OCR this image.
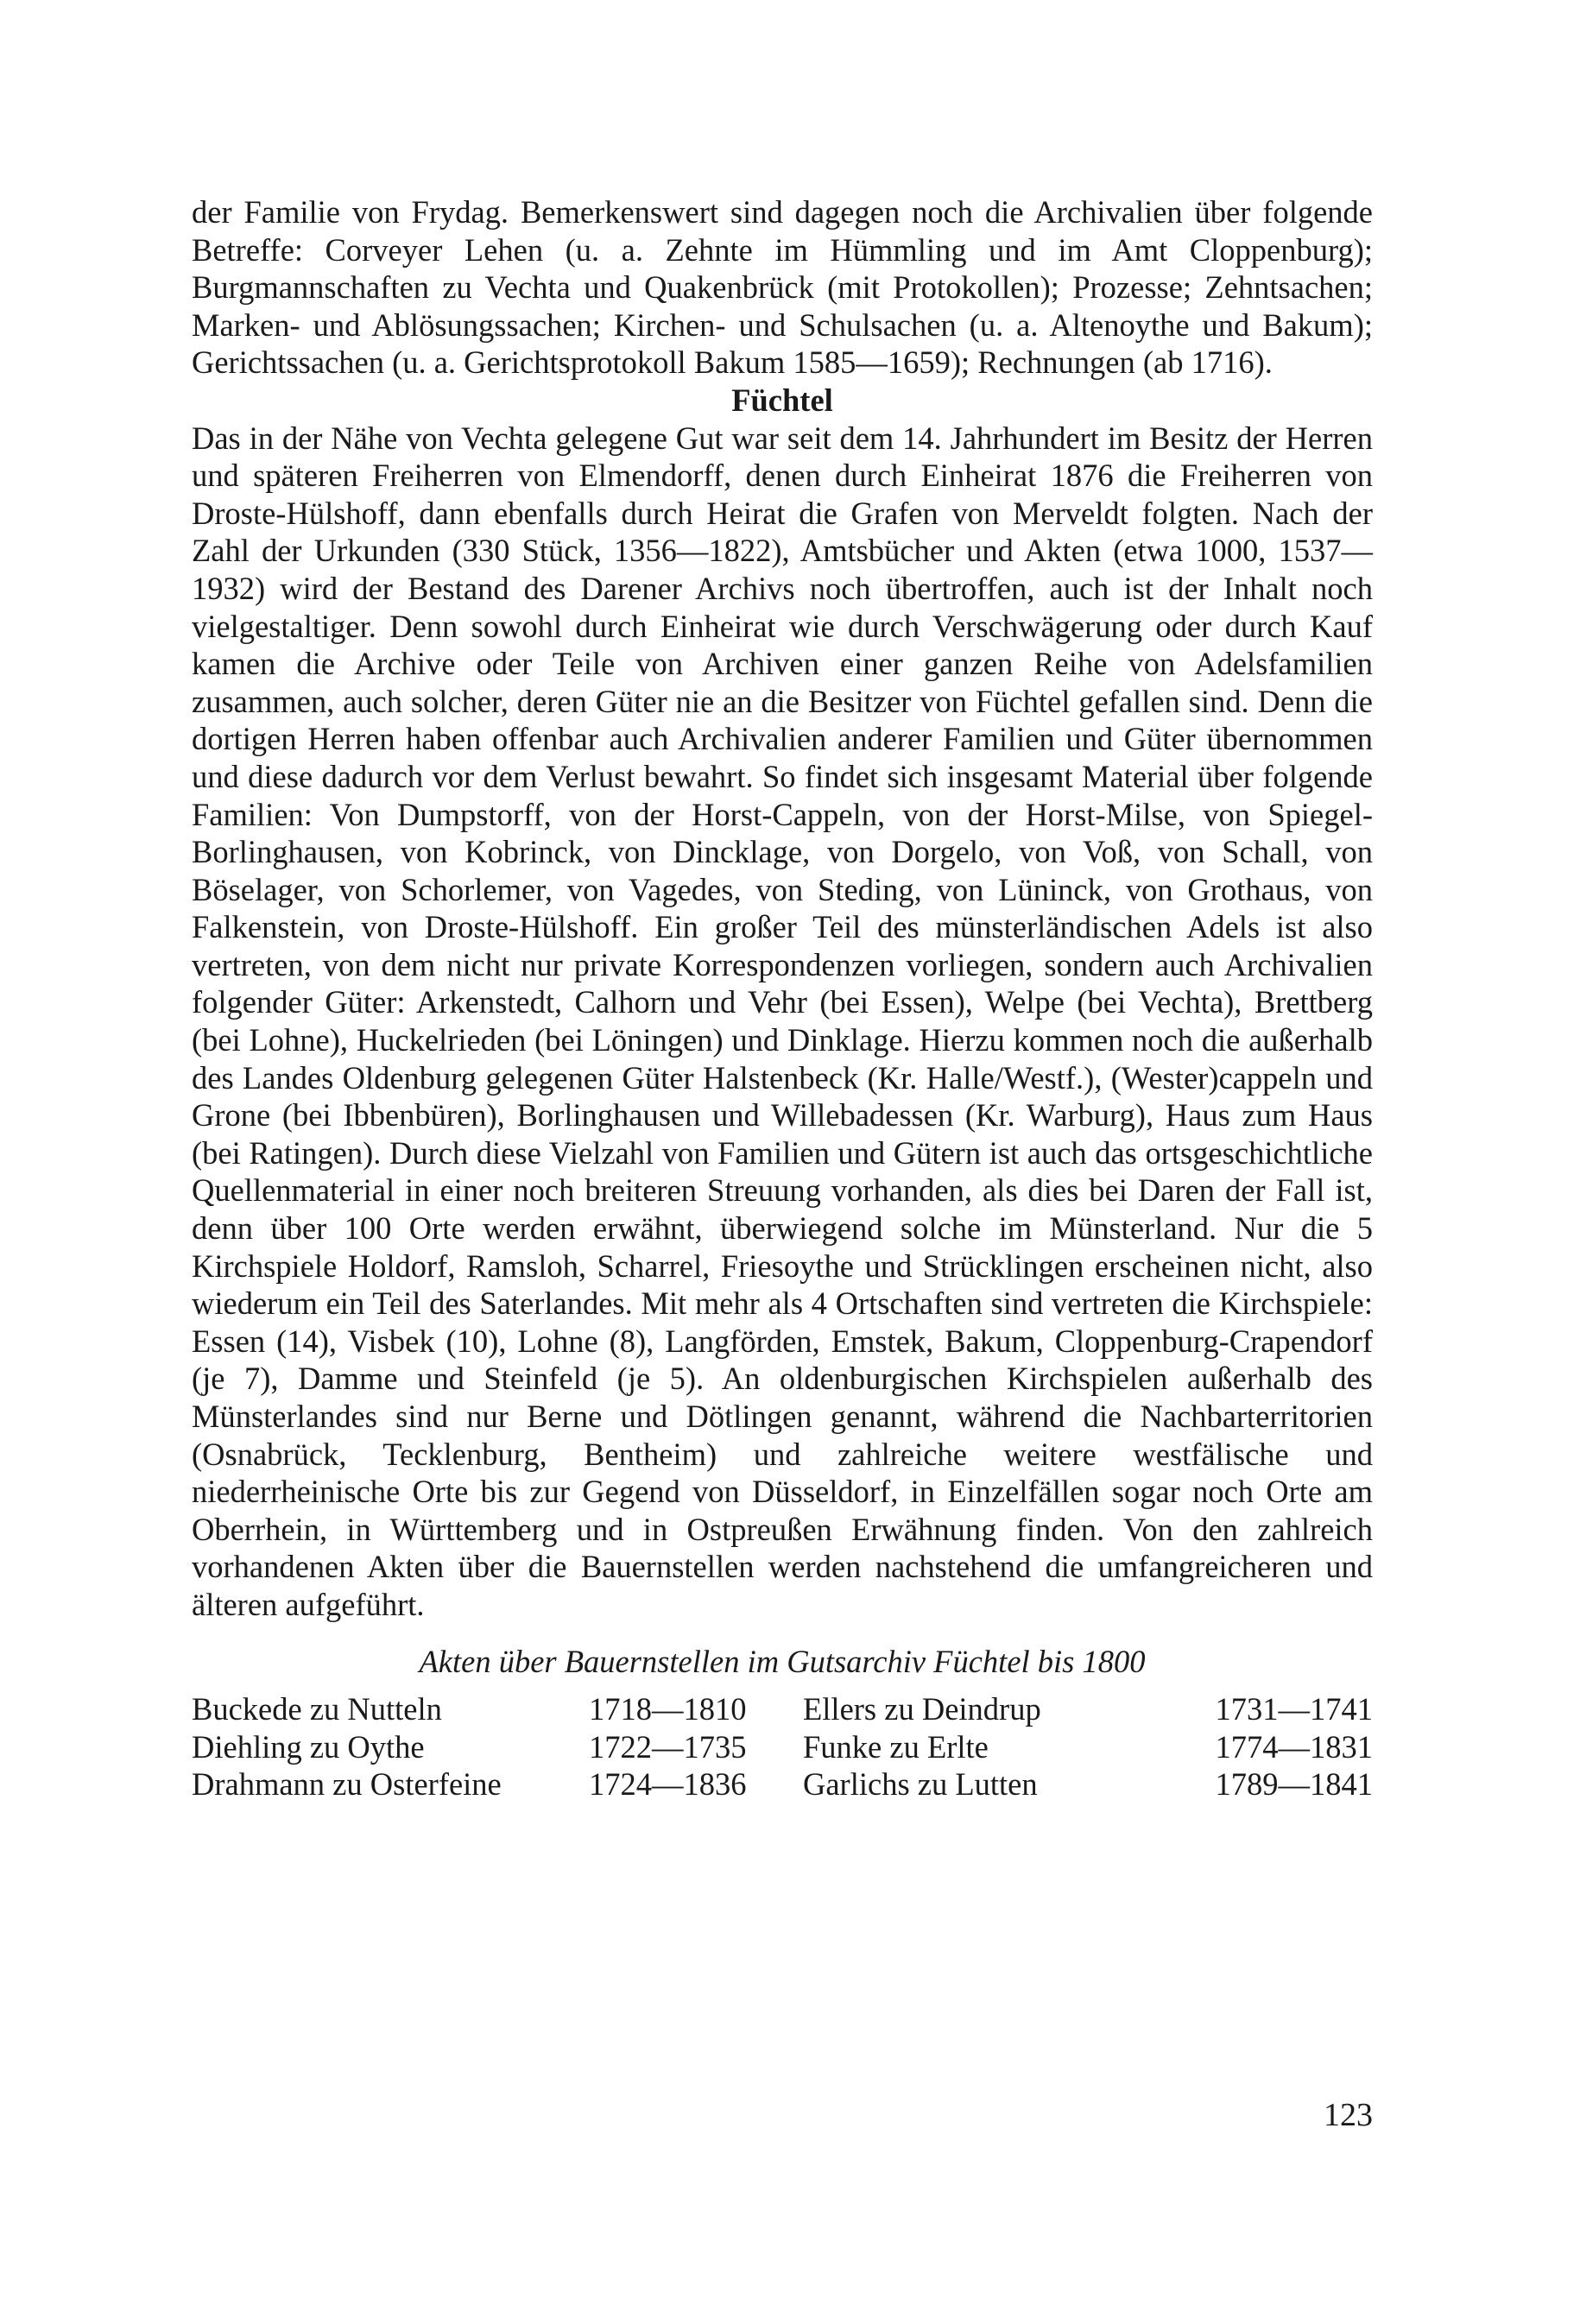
der Familie von Frydag. Bemerkenswert sind dagegen noch die Archivalien über folgende Betreffe: Corveyer Lehen (u. a. Zehnte im Hümmling und im Amt Cloppenburg); Burgmannschaften zu Vechta und Quakenbrück (mit Protokollen); Prozesse; Zehntsachen; Marken- und Ablösungssachen; Kirchen- und Schulsachen (u. a. Altenoythe und Bakum); Gerichtssachen (u. a. Gerichtsprotokoll Bakum 1585—1659); Rechnungen (ab 1716).

Füchtel

Das in der Nähe von Vechta gelegene Gut war seit dem 14. Jahrhundert im Besitz der Herren und späteren Freiherren von Elmendorff, denen durch Einheirat 1876 die Freiherren von Droste-Hülshoff, dann ebenfalls durch Heirat die Grafen von Merveldt folgten. Nach der Zahl der Urkunden (330 Stück, 1356—1822), Amtsbücher und Akten (etwa 1000, 1537—1932) wird der Bestand des Darener Archivs noch übertroffen, auch ist der Inhalt noch vielgestaltiger. Denn sowohl durch Einheirat wie durch Verschwägerung oder durch Kauf kamen die Archive oder Teile von Archiven einer ganzen Reihe von Adelsfamilien zusammen, auch solcher, deren Güter nie an die Besitzer von Füchtel gefallen sind. Denn die dortigen Herren haben offenbar auch Archivalien anderer Familien und Güter übernommen und diese dadurch vor dem Verlust bewahrt. So findet sich insgesamt Material über folgende Familien: Von Dumpstorff, von der Horst-Cappeln, von der Horst-Milse, von Spiegel-Borlinghausen, von Kobrinck, von Dincklage, von Dorgelo, von Voß, von Schall, von Böselager, von Schorlemer, von Vagedes, von Steding, von Lüninck, von Grothaus, von Falkenstein, von Droste-Hülshoff. Ein großer Teil des münsterländischen Adels ist also vertreten, von dem nicht nur private Korrespondenzen vorliegen, sondern auch Archivalien folgender Güter: Arkenstedt, Calhorn und Vehr (bei Essen), Welpe (bei Vechta), Brettberg (bei Lohne), Huckelrieden (bei Löningen) und Dinklage. Hierzu kommen noch die außerhalb des Landes Oldenburg gelegenen Güter Halstenbeck (Kr. Halle/Westf.), (Wester)cappeln und Grone (bei Ibbenbüren), Borlinghausen und Willebadessen (Kr. Warburg), Haus zum Haus (bei Ratingen). Durch diese Vielzahl von Familien und Gütern ist auch das ortsgeschichtliche Quellenmaterial in einer noch breiteren Streuung vorhanden, als dies bei Daren der Fall ist, denn über 100 Orte werden erwähnt, überwiegend solche im Münsterland. Nur die 5 Kirchspiele Holdorf, Ramsloh, Scharrel, Friesoythe und Strücklingen erscheinen nicht, also wiederum ein Teil des Saterlandes. Mit mehr als 4 Ortschaften sind vertreten die Kirchspiele: Essen (14), Visbek (10), Lohne (8), Langförden, Emstek, Bakum, Cloppenburg-Crapendorf (je 7), Damme und Steinfeld (je 5). An oldenburgischen Kirchspielen außerhalb des Münsterlandes sind nur Berne und Dötlingen genannt, während die Nachbarterritorien (Osnabrück, Tecklenburg, Bentheim) und zahlreiche weitere westfälische und niederrheinische Orte bis zur Gegend von Düsseldorf, in Einzelfällen sogar noch Orte am Oberrhein, in Württemberg und in Ostpreußen Erwähnung finden. Von den zahlreich vorhandenen Akten über die Bauernstellen werden nachstehend die umfangreicheren und älteren aufgeführt.

Akten über Bauernstellen im Gutsarchiv Füchtel bis 1800
Buckede zu Nutteln	1718—1810	Ellers zu Deindrup	1731—1741
Diehling zu Oythe	1722—1735	Funke zu Erlte	1774—1831
Drahmann zu Osterfeine	1724—1836	Garlichs zu Lutten	1789—1841
123
